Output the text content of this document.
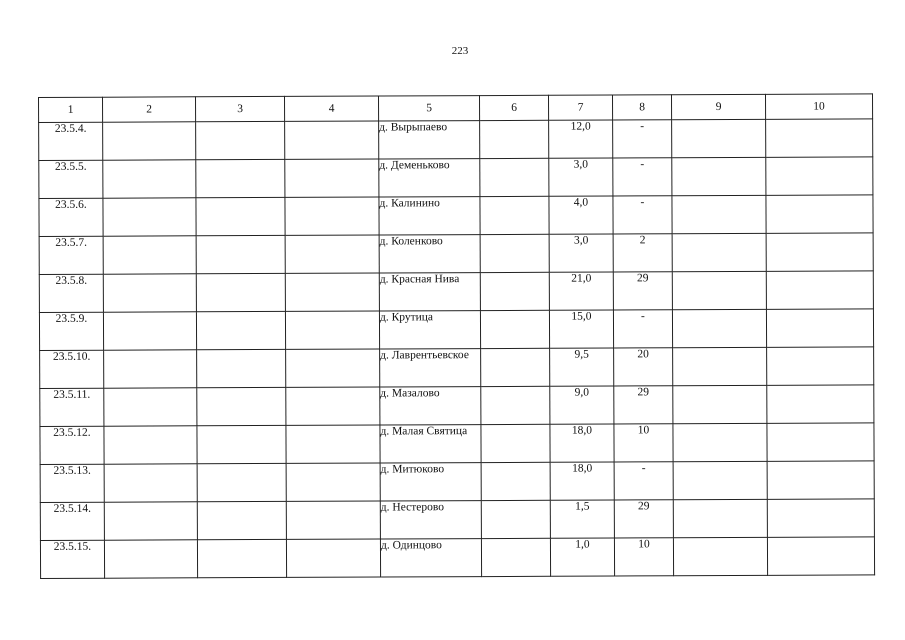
223
1	2	3	4	5	6	7	8	9	10
23.5.4.				д. Вырыпаево		12,0	-		
23.5.5.				д. Деменьково		3,0	-		
23.5.6.				д. Калинино		4,0	-		
23.5.7.				д. Коленково		3,0	2		
23.5.8.				д. Красная Нива		21,0	29		
23.5.9.				д. Крутица		15,0	-		
23.5.10.				д. Лаврентьевское		9,5	20		
23.5.11.				д. Мазалово		9,0	29		
23.5.12.				д. Малая Святица		18,0	10		
23.5.13.				д. Митюково		18,0	-		
23.5.14.				д. Нестерово		1,5	29		
23.5.15.				д. Одинцово		1,0	10		
